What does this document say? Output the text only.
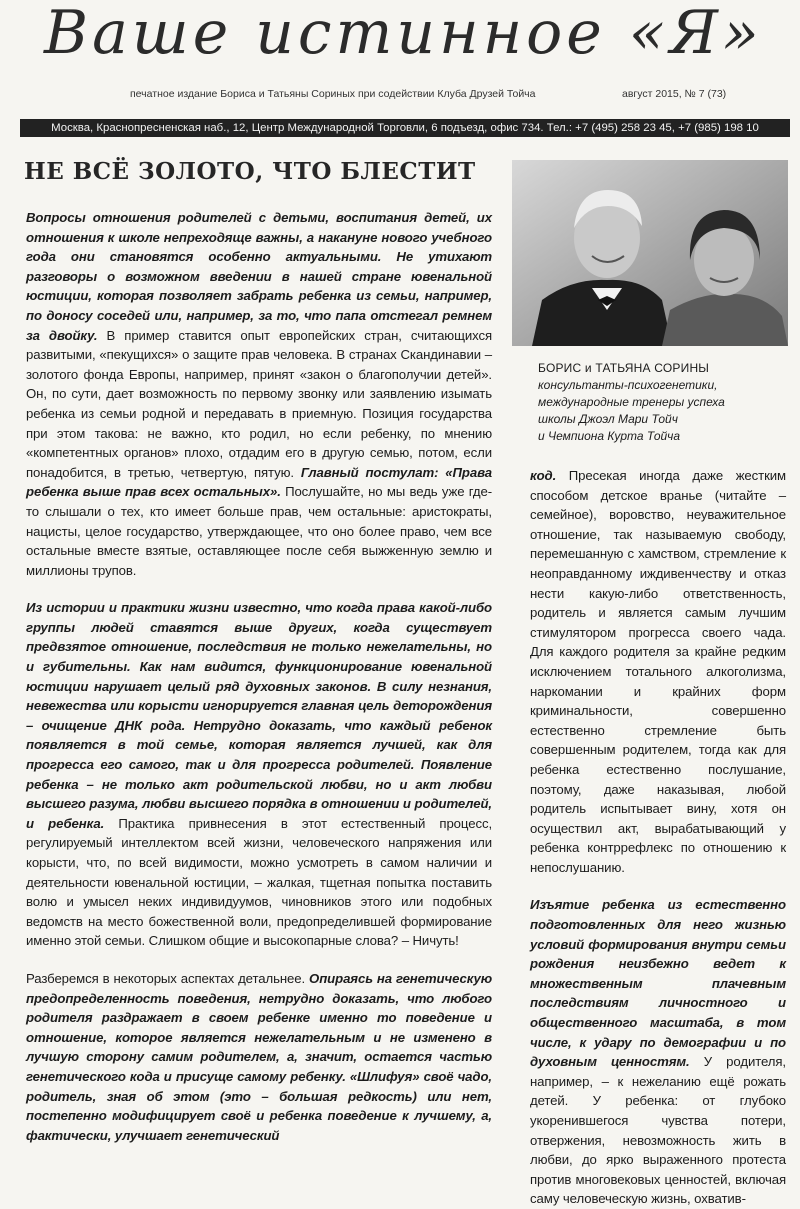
Ваше истинное «Я»
печатное издание Бориса и Татьяны Сориных при содействии Клуба Друзей Тойча	август 2015, № 7 (73)
Москва, Краснопресненская наб., 12, Центр Международной Торговли, 6 подъезд, офис 734. Тел.: +7 (495) 258 23 45, +7 (985) 198 10
НЕ ВСЁ ЗОЛОТО, ЧТО БЛЕСТИТ

Вопросы отношения родителей с детьми, воспитания детей, их отношения к школе непреходяще важны, а накануне нового учебного года они становятся особенно актуальными. Не утихают разговоры о возможном введении в нашей стране ювенальной юстиции, которая позволяет забрать ребенка из семьи, например, по доносу соседей или, например, за то, что папа отстегал ремнем за двойку. В пример ставится опыт европейских стран, считающихся развитыми, «пекущихся» о защите прав человека. В странах Скандинавии – золотого фонда Европы, например, принят «закон о благополучии детей». Он, по сути, дает возможность по первому звонку или заявлению изымать ребенка из семьи родной и передавать в приемную. Позиция государства при этом такова: не важно, кто родил, но если ребенку, по мнению «компетентных органов» плохо, отдадим его в другую семью, потом, если понадобится, в третью, четвертую, пятую. Главный постулат: «Права ребенка выше прав всех остальных». Послушайте, но мы ведь уже где-то слышали о тех, кто имеет больше прав, чем остальные: аристократы, нацисты, целое государство, утверждающее, что оно более право, чем все остальные вместе взятые, оставляющее после себя выжженную землю и миллионы трупов.

Из истории и практики жизни известно, что когда права какой-либо группы людей ставятся выше других, когда существует предвзятое отношение, последствия не только нежелательны, но и губительны. Как нам видится, функционирование ювенальной юстиции нарушает целый ряд духовных законов. В силу незнания, невежества или корысти игнорируется главная цель деторождения – очищение ДНК рода. Нетрудно доказать, что каждый ребенок появляется в той семье, которая является лучшей, как для прогресса его самого, так и для прогресса родителей. Появление ребенка – не только акт родительской любви, но и акт любви высшего разума, любви высшего порядка в отношении и родителей, и ребенка. Практика привнесения в этот естественный процесс, регулируемый интеллектом всей жизни, человеческого напряжения или корысти, что, по всей видимости, можно усмотреть в самом наличии и деятельности ювенальной юстиции, – жалкая, тщетная попытка поставить волю и умысел неких индивидуумов, чиновников этого или подобных ведомств на место божественной воли, предопределившей формирование именно этой семьи. Слишком общие и высокопарные слова? – Ничуть!

Разберемся в некоторых аспектах детальнее. Опираясь на генетическую предопределенность поведения, нетрудно доказать, что любого родителя раздражает в своем ребенке именно то поведение и отношение, которое является нежелательным и не изменено в лучшую сторону самим родителем, а, значит, остается частью генетического кода и присуще самому ребенку. «Шлифуя» своё чадо, родитель, зная об этом (это – большая редкость) или нет, постепенно модифицирует своё и ребенка поведение к лучшему, а, фактически, улучшает генетический

БОРИС и ТАТЬЯНА СОРИНЫ
консультанты-психогенетики,
международные тренеры успеха
школы Джоэл Мари Тойч
и Чемпиона Курта Тойча

код. Пресекая иногда даже жестким способом детское вранье (читайте – семейное), воровство, неуважительное отношение, так называемую свободу, перемешанную с хамством, стремление к неоправданному иждивенчеству и отказ нести какую-либо ответственность, родитель и является самым лучшим стимулятором прогресса своего чада. Для каждого родителя за крайне редким исключением тотального алкоголизма, наркомании и крайних форм криминальности, совершенно естественно стремление быть совершенным родителем, тогда как для ребенка естественно послушание, поэтому, даже наказывая, любой родитель испытывает вину, хотя он осуществил акт, вырабатывающий у ребенка контррефлекс по отношению к непослушанию.

Изъятие ребенка из естественно подготовленных для него жизнью условий формирования внутри семьи рождения неизбежно ведет к множественным плачевным последствиям личностного и общественного масштаба, в том числе, к удару по демографии и по духовным ценностям. У родителя, например, – к нежеланию ещё рожать детей. У ребенка: от глубоко укоренившегося чувства потери, отвержения, невозможность жить в любви, до ярко выраженного протеста против многовековых ценностей, включая саму человеческую жизнь, охватив-
